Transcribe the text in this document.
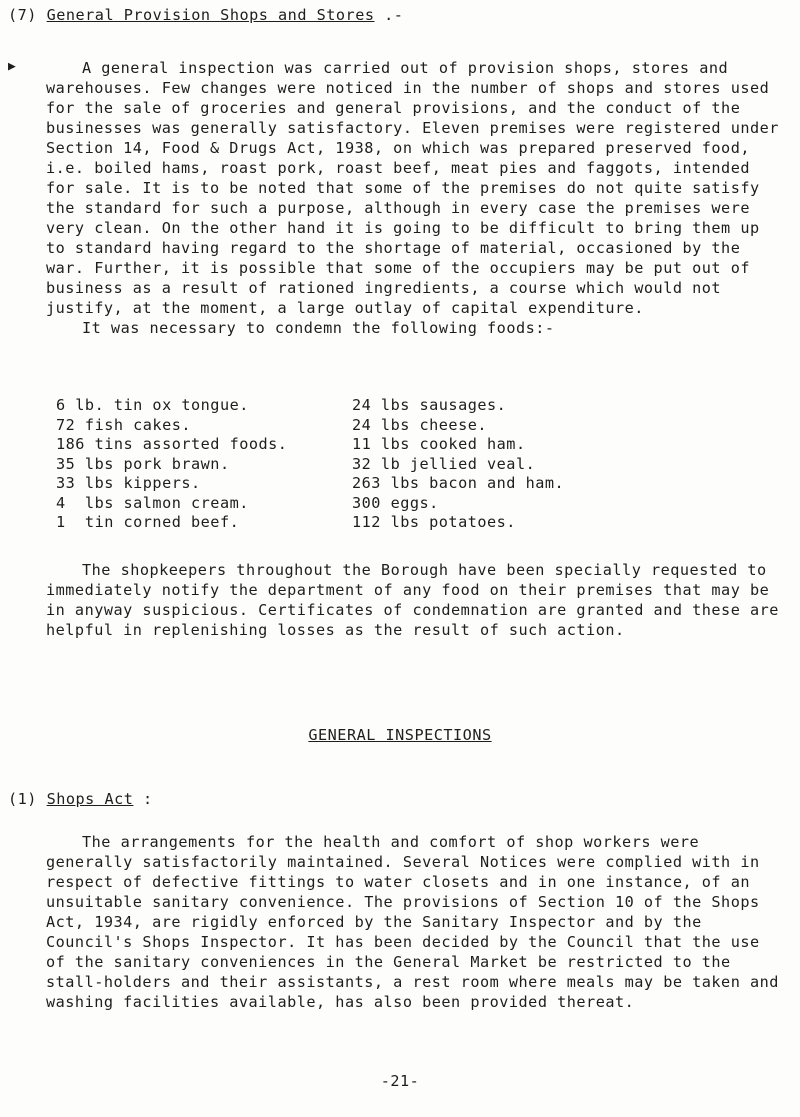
(7) General Provision Shops and Stores .-
▶	A general inspection was carried out of provision shops, stores and warehouses. Few changes were noticed in the number of shops and stores used for the sale of groceries and general provisions, and the conduct of the businesses was generally satisfactory. Eleven premises were registered under Section 14, Food & Drugs Act, 1938, on which was prepared preserved food, i.e. boiled hams, roast pork, roast beef, meat pies and faggots, intended for sale. It is to be noted that some of the premises do not quite satisfy the standard for such a purpose, although in every case the premises were very clean. On the other hand it is going to be difficult to bring them up to standard having regard to the shortage of material, occasioned by the war. Further, it is possible that some of the occupiers may be put out of business as a result of rationed ingredients, a course which would not justify, at the moment, a large outlay of capital expenditure.

It was necessary to condemn the following foods:-

6 lb. tin ox tongue.
72 fish cakes.
186 tins assorted foods.
35 lbs pork brawn.
33 lbs kippers.
4  lbs salmon cream.
1  tin corned beef.
24 lbs sausages.
24 lbs cheese.
11 lbs cooked ham.
32 lb jellied veal.
263 lbs bacon and ham.
300 eggs.
112 lbs potatoes.

The shopkeepers throughout the Borough have been specially requested to immediately notify the department of any food on their premises that may be in anyway suspicious. Certificates of condemnation are granted and these are helpful in replenishing losses as the result of such action.

GENERAL INSPECTIONS
(1) Shops Act :

The arrangements for the health and comfort of shop workers were generally satisfactorily maintained. Several Notices were complied with in respect of defective fittings to water closets and in one instance, of an unsuitable sanitary convenience. The provisions of Section 10 of the Shops Act, 1934, are rigidly enforced by the Sanitary Inspector and by the Council's Shops Inspector. It has been decided by the Council that the use of the sanitary conveniences in the General Market be restricted to the stall-holders and their assistants, a rest room where meals may be taken and washing facilities available, has also been provided thereat.

-21-
